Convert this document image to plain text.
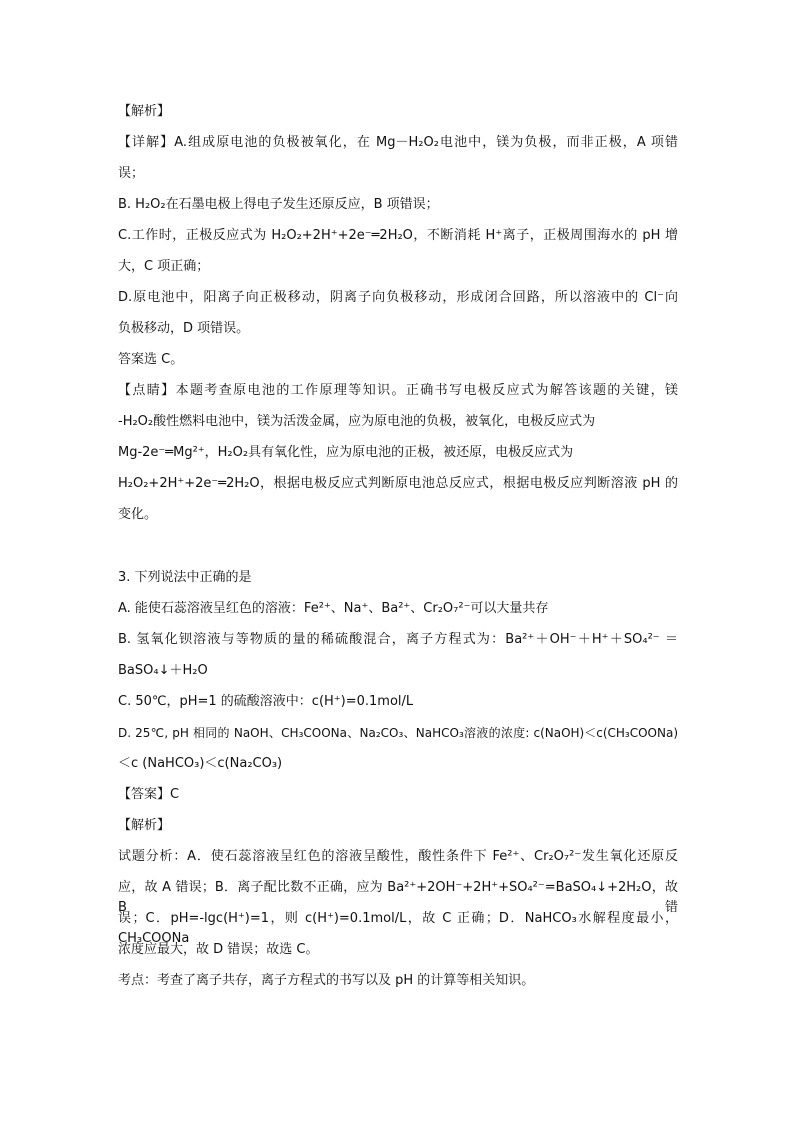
【解析】
【详解】A.组成原电池的负极被氧化，在 Mg－H₂O₂电池中，镁为负极，而非正极，A 项错
误；
B. H₂O₂在石墨电极上得电子发生还原反应，B 项错误；
C.工作时，正极反应式为 H₂O₂+2H⁺+2e⁻═2H₂O，不断消耗 H⁺离子，正极周围海水的 pH 增
大，C 项正确；
D.原电池中，阳离子向正极移动，阴离子向负极移动，形成闭合回路，所以溶液中的 Cl⁻向
负极移动，D 项错误。
答案选 C。
【点睛】本题考查原电池的工作原理等知识。正确书写电极反应式为解答该题的关键，镁
-H₂O₂酸性燃料电池中，镁为活泼金属，应为原电池的负极，被氧化，电极反应式为
Mg-2e⁻═Mg²⁺，H₂O₂具有氧化性，应为原电池的正极，被还原，电极反应式为
H₂O₂+2H⁺+2e⁻═2H₂O，根据电极反应式判断原电池总反应式，根据电极反应判断溶液 pH 的
变化。
3. 下列说法中正确的是
A. 能使石蕊溶液呈红色的溶液：Fe²⁺、Na⁺、Ba²⁺、Cr₂O₇²⁻可以大量共存
B. 氢氧化钡溶液与等物质的量的稀硫酸混合，离子方程式为：Ba²⁺＋OH⁻＋H⁺＋SO₄²⁻ ＝
BaSO₄↓＋H₂O
C. 50℃，pH=1 的硫酸溶液中：c(H⁺)=0.1mol/L
D. 25℃, pH 相同的 NaOH、CH₃COONa、Na₂CO₃、NaHCO₃溶液的浓度: c(NaOH)＜c(CH₃COONa)
＜c (NaHCO₃)＜c(Na₂CO₃)
【答案】C
【解析】
试题分析：A．使石蕊溶液呈红色的溶液呈酸性，酸性条件下 Fe²⁺、Cr₂O₇²⁻发生氧化还原反
应，故 A 错误；B．离子配比数不正确，应为 Ba²⁺+2OH⁻+2H⁺+SO₄²⁻=BaSO₄↓+2H₂O，故 B 错
误；C．pH=-lgc(H⁺)=1，则 c(H⁺)=0.1mol/L，故 C 正确；D．NaHCO₃水解程度最小，CH₃COONa
浓度应最大，故 D 错误；故选 C。
考点：考查了离子共存，离子方程式的书写以及 pH 的计算等相关知识。
